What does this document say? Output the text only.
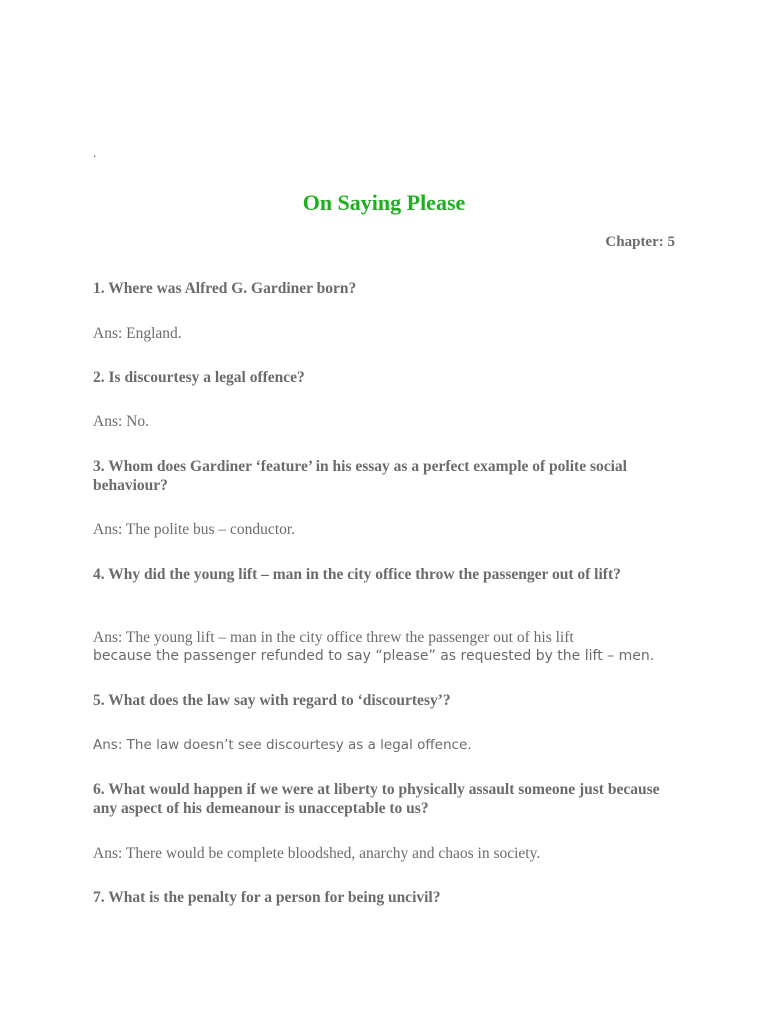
.
On Saying Please
Chapter: 5
1. Where was Alfred G. Gardiner born?
Ans: England.
2. Is discourtesy a legal offence?
Ans: No.
3. Whom does Gardiner ‘feature’ in his essay as a perfect example of polite social behaviour?
Ans: The polite bus – conductor.
4. Why did the young lift – man in the city office throw the passenger out of lift?
Ans: The young lift – man in the city office threw the passenger out of his lift
because the passenger refunded to say “please” as requested by the lift – men.
5. What does the law say with regard to ‘discourtesy’?
Ans: The law doesn’t see discourtesy as a legal offence.
6. What would happen if we were at liberty to physically assault someone just because any aspect of his demeanour is unacceptable to us?
Ans: There would be complete bloodshed, anarchy and chaos in society.
7. What is the penalty for a person for being uncivil?
